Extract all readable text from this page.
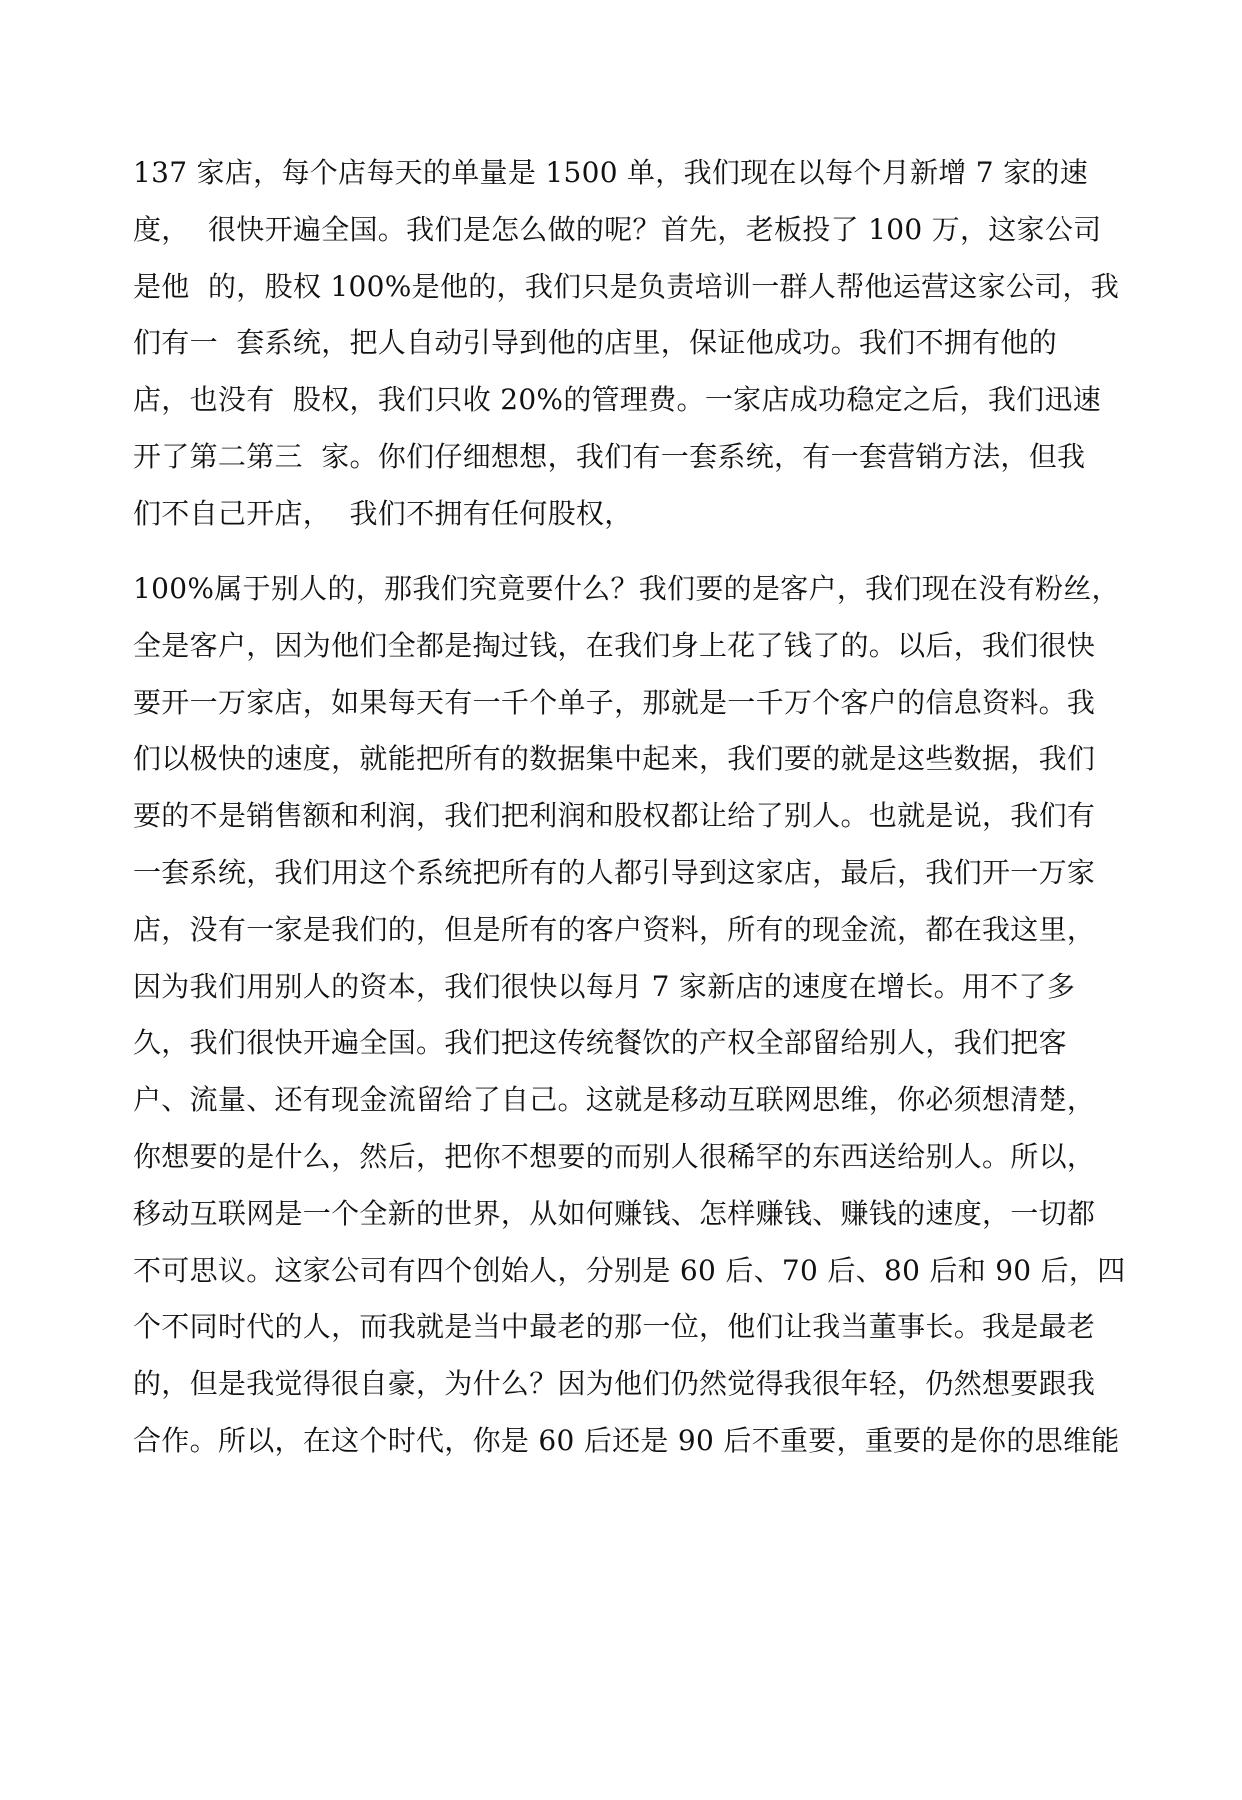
137 家店，每个店每天的单量是 1500 单，我们现在以每个月新增 7 家的速
度，  很快开遍全国。我们是怎么做的呢？首先，老板投了 100 万，这家公司
是他  的，股权 100%是他的，我们只是负责培训一群人帮他运营这家公司，我
们有一  套系统，把人自动引导到他的店里，保证他成功。我们不拥有他的
店，也没有  股权，我们只收 20%的管理费。一家店成功稳定之后，我们迅速
开了第二第三  家。你们仔细想想，我们有一套系统，有一套营销方法，但我
们不自己开店，  我们不拥有任何股权，
100%属于别人的，那我们究竟要什么？我们要的是客户，我们现在没有粉丝，
全是客户，因为他们全都是掏过钱，在我们身上花了钱了的。以后，我们很快
要开一万家店，如果每天有一千个单子，那就是一千万个客户的信息资料。我
们以极快的速度，就能把所有的数据集中起来，我们要的就是这些数据，我们
要的不是销售额和利润，我们把利润和股权都让给了别人。也就是说，我们有
一套系统，我们用这个系统把所有的人都引导到这家店，最后，我们开一万家
店，没有一家是我们的，但是所有的客户资料，所有的现金流，都在我这里，
因为我们用别人的资本，我们很快以每月 7 家新店的速度在增长。用不了多
久，我们很快开遍全国。我们把这传统餐饮的产权全部留给别人，我们把客
户、流量、还有现金流留给了自己。这就是移动互联网思维，你必须想清楚，
你想要的是什么，然后，把你不想要的而别人很稀罕的东西送给别人。所以，
移动互联网是一个全新的世界，从如何赚钱、怎样赚钱、赚钱的速度，一切都
不可思议。这家公司有四个创始人，分别是 60 后、70 后、80 后和 90 后，四
个不同时代的人，而我就是当中最老的那一位，他们让我当董事长。我是最老
的，但是我觉得很自豪，为什么？因为他们仍然觉得我很年轻，仍然想要跟我
合作。所以，在这个时代，你是 60 后还是 90 后不重要，重要的是你的思维能
